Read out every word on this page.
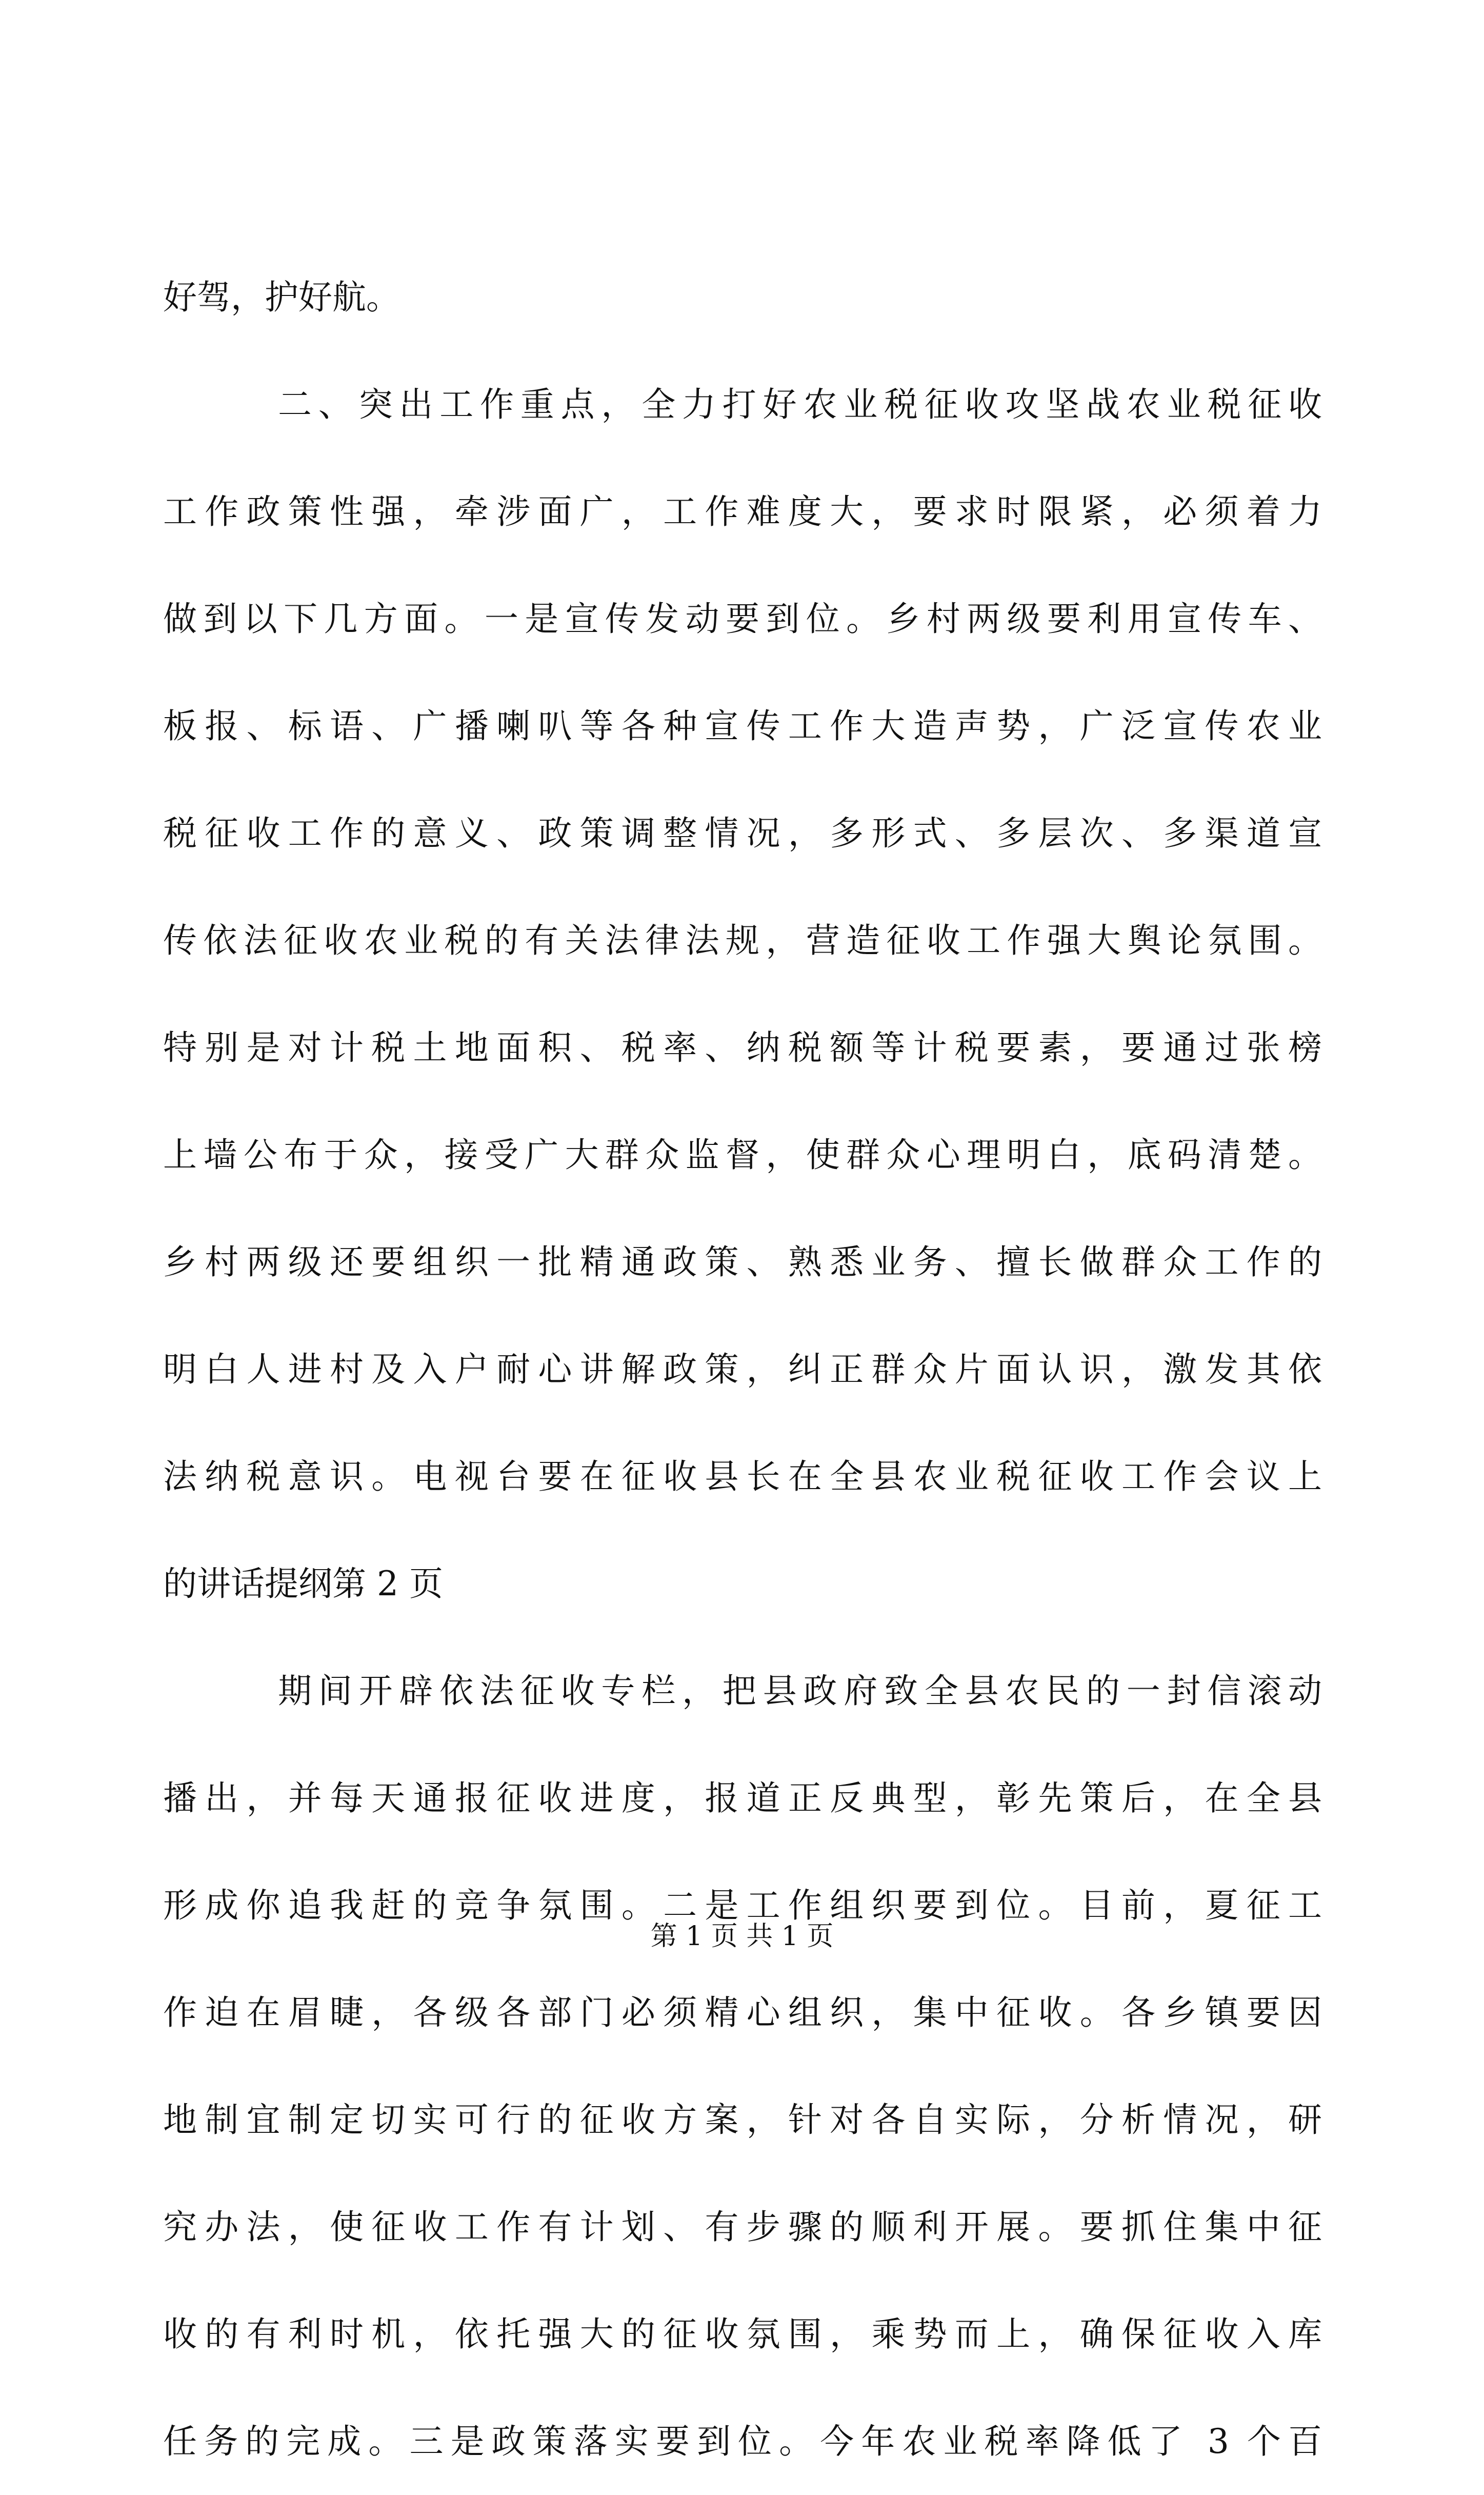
好驾，护好航。
二、突出工作重点，全力打好农业税征收攻坚战农业税征收
工作政策性强，牵涉面广，工作难度大，要求时限紧，必须着力
做到以下几方面。一是宣传发动要到位。乡村两级要利用宣传车、
板报、标语、广播喇叭等各种宣传工作大造声势，广泛宣传农业
税征收工作的意义、政策调整情况，多形式、多层次、多渠道宣
传依法征收农业税的有关法律法规，营造征收工作强大舆论氛围。
特别是对计税土地面积、税率、纳税额等计税要素，要通过张榜
上墙公布于众，接受广大群众监督，使群众心理明白，底码清楚。
乡村两级还要组织一批精通政策、熟悉业务、擅长做群众工作的
明白人进村及入户耐心讲解政策，纠正群众片面认识，激发其依
法纳税意识。电视台要在征收县长在全县农业税征收工作会议上
的讲话提纲第 2 页
期间开辟依法征收专栏，把县政府致全县农民的一封信滚动
播出，并每天通报征收进度，报道正反典型，彰先策后，在全县
形成你追我赶的竞争氛围。二是工作组织要到位。目前，夏征工
作迫在眉睫，各级各部门必须精心组织，集中征收。各乡镇要因
地制宜制定切实可行的征收方案，针对各自实际，分析情况，研
究办法，使征收工作有计划、有步骤的顺利开展。要抓住集中征
收的有利时机，依托强大的征收氛围，乘势而上，确保征收入库
任务的完成。三是政策落实要到位。今年农业税率降低了 3 个百
第 1 页 共 1 页
